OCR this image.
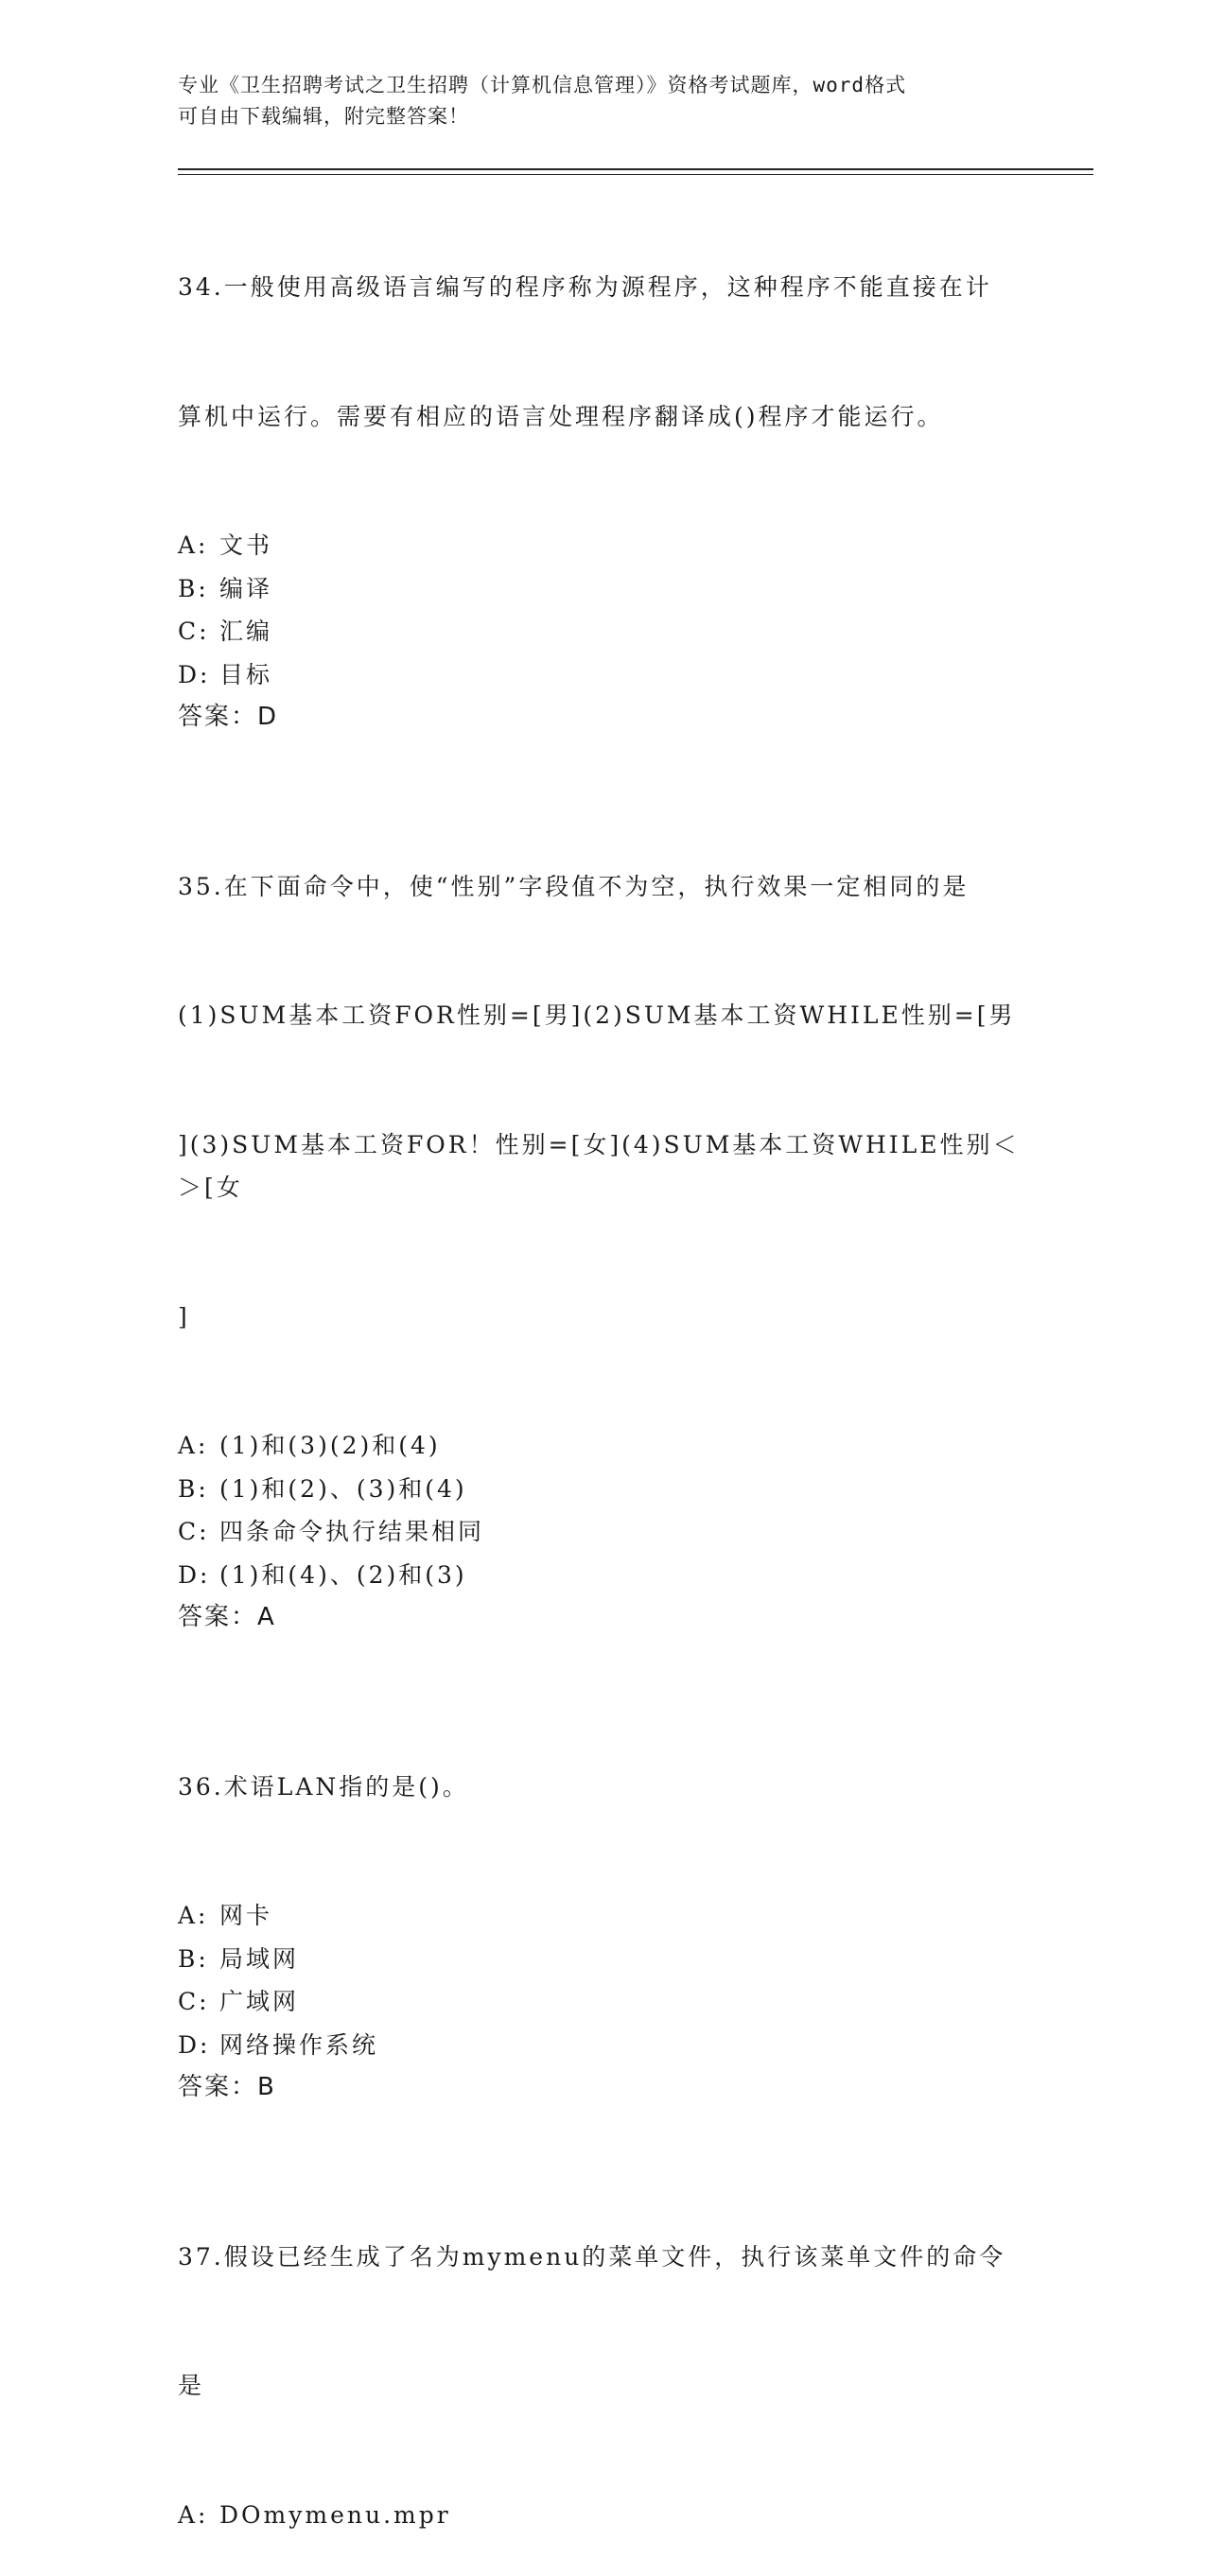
专业《卫生招聘考试之卫生招聘（计算机信息管理）》资格考试题库，word格式
可自由下载编辑，附完整答案！

34.一般使用高级语言编写的程序称为源程序，这种程序不能直接在计

算机中运行。需要有相应的语言处理程序翻译成()程序才能运行。

A: 文书

B: 编译

C: 汇编

D: 目标

答案：D

35.在下面命令中，使“性别”字段值不为空，执行效果一定相同的是

(1)SUM基本工资FOR性别=[男](2)SUM基本工资WHILE性别=[男

](3)SUM基本工资FOR！性别=[女](4)SUM基本工资WHILE性别＜＞[女

]

A: (1)和(3)(2)和(4)

B: (1)和(2)、(3)和(4)

C: 四条命令执行结果相同

D: (1)和(4)、(2)和(3)

答案：A

36.术语LAN指的是()。

A: 网卡

B: 局域网

C: 广域网

D: 网络操作系统

答案：B

37.假设已经生成了名为mymenu的菜单文件，执行该菜单文件的命令

是

A: DOmymenu.mpr
